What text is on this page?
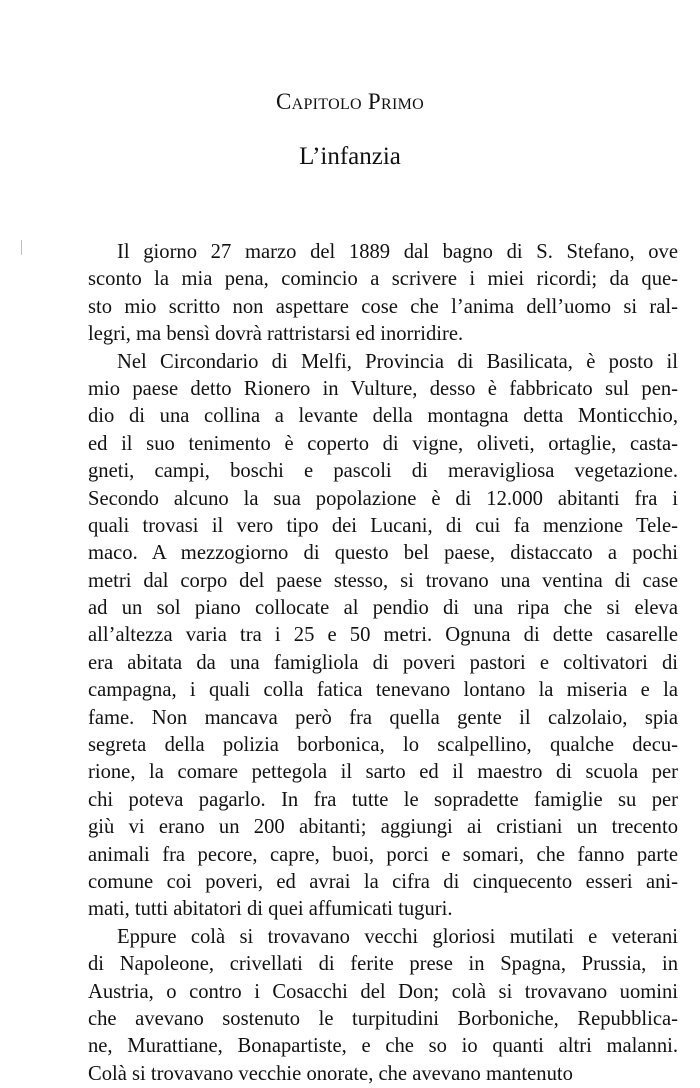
Capitolo Primo
L’infanzia
Il giorno 27 marzo del 1889 dal bagno di S. Stefano, ove
sconto la mia pena, comincio a scrivere i miei ricordi; da que-
sto mio scritto non aspettare cose che l’anima dell’uomo si ral-
legri, ma bensì dovrà rattristarsi ed inorridire.
Nel Circondario di Melfi, Provincia di Basilicata, è posto il
mio paese detto Rionero in Vulture, desso è fabbricato sul pen-
dio di una collina a levante della montagna detta Monticchio,
ed il suo tenimento è coperto di vigne, oliveti, ortaglie, casta-
gneti, campi, boschi e pascoli di meravigliosa vegetazione.
Secondo alcuno la sua popolazione è di 12.000 abitanti fra i
quali trovasi il vero tipo dei Lucani, di cui fa menzione Tele-
maco. A mezzogiorno di questo bel paese, distaccato a pochi
metri dal corpo del paese stesso, si trovano una ventina di case
ad un sol piano collocate al pendio di una ripa che si eleva
all’altezza varia tra i 25 e 50 metri. Ognuna di dette casarelle
era abitata da una famigliola di poveri pastori e coltivatori di
campagna, i quali colla fatica tenevano lontano la miseria e la
fame. Non mancava però fra quella gente il calzolaio, spia
segreta della polizia borbonica, lo scalpellino, qualche decu-
rione, la comare pettegola il sarto ed il maestro di scuola per
chi poteva pagarlo. In fra tutte le sopradette famiglie su per
giù vi erano un 200 abitanti; aggiungi ai cristiani un trecento
animali fra pecore, capre, buoi, porci e somari, che fanno parte
comune coi poveri, ed avrai la cifra di cinquecento esseri ani-
mati, tutti abitatori di quei affumicati tuguri.
Eppure colà si trovavano vecchi gloriosi mutilati e veterani
di Napoleone, crivellati di ferite prese in Spagna, Prussia, in
Austria, o contro i Cosacchi del Don; colà si trovavano uomini
che avevano sostenuto le turpitudini Borboniche, Repubblica-
ne, Murattiane, Bonapartiste, e che so io quanti altri malanni.
Colà si trovavano vecchie onorate, che avevano mantenuto
